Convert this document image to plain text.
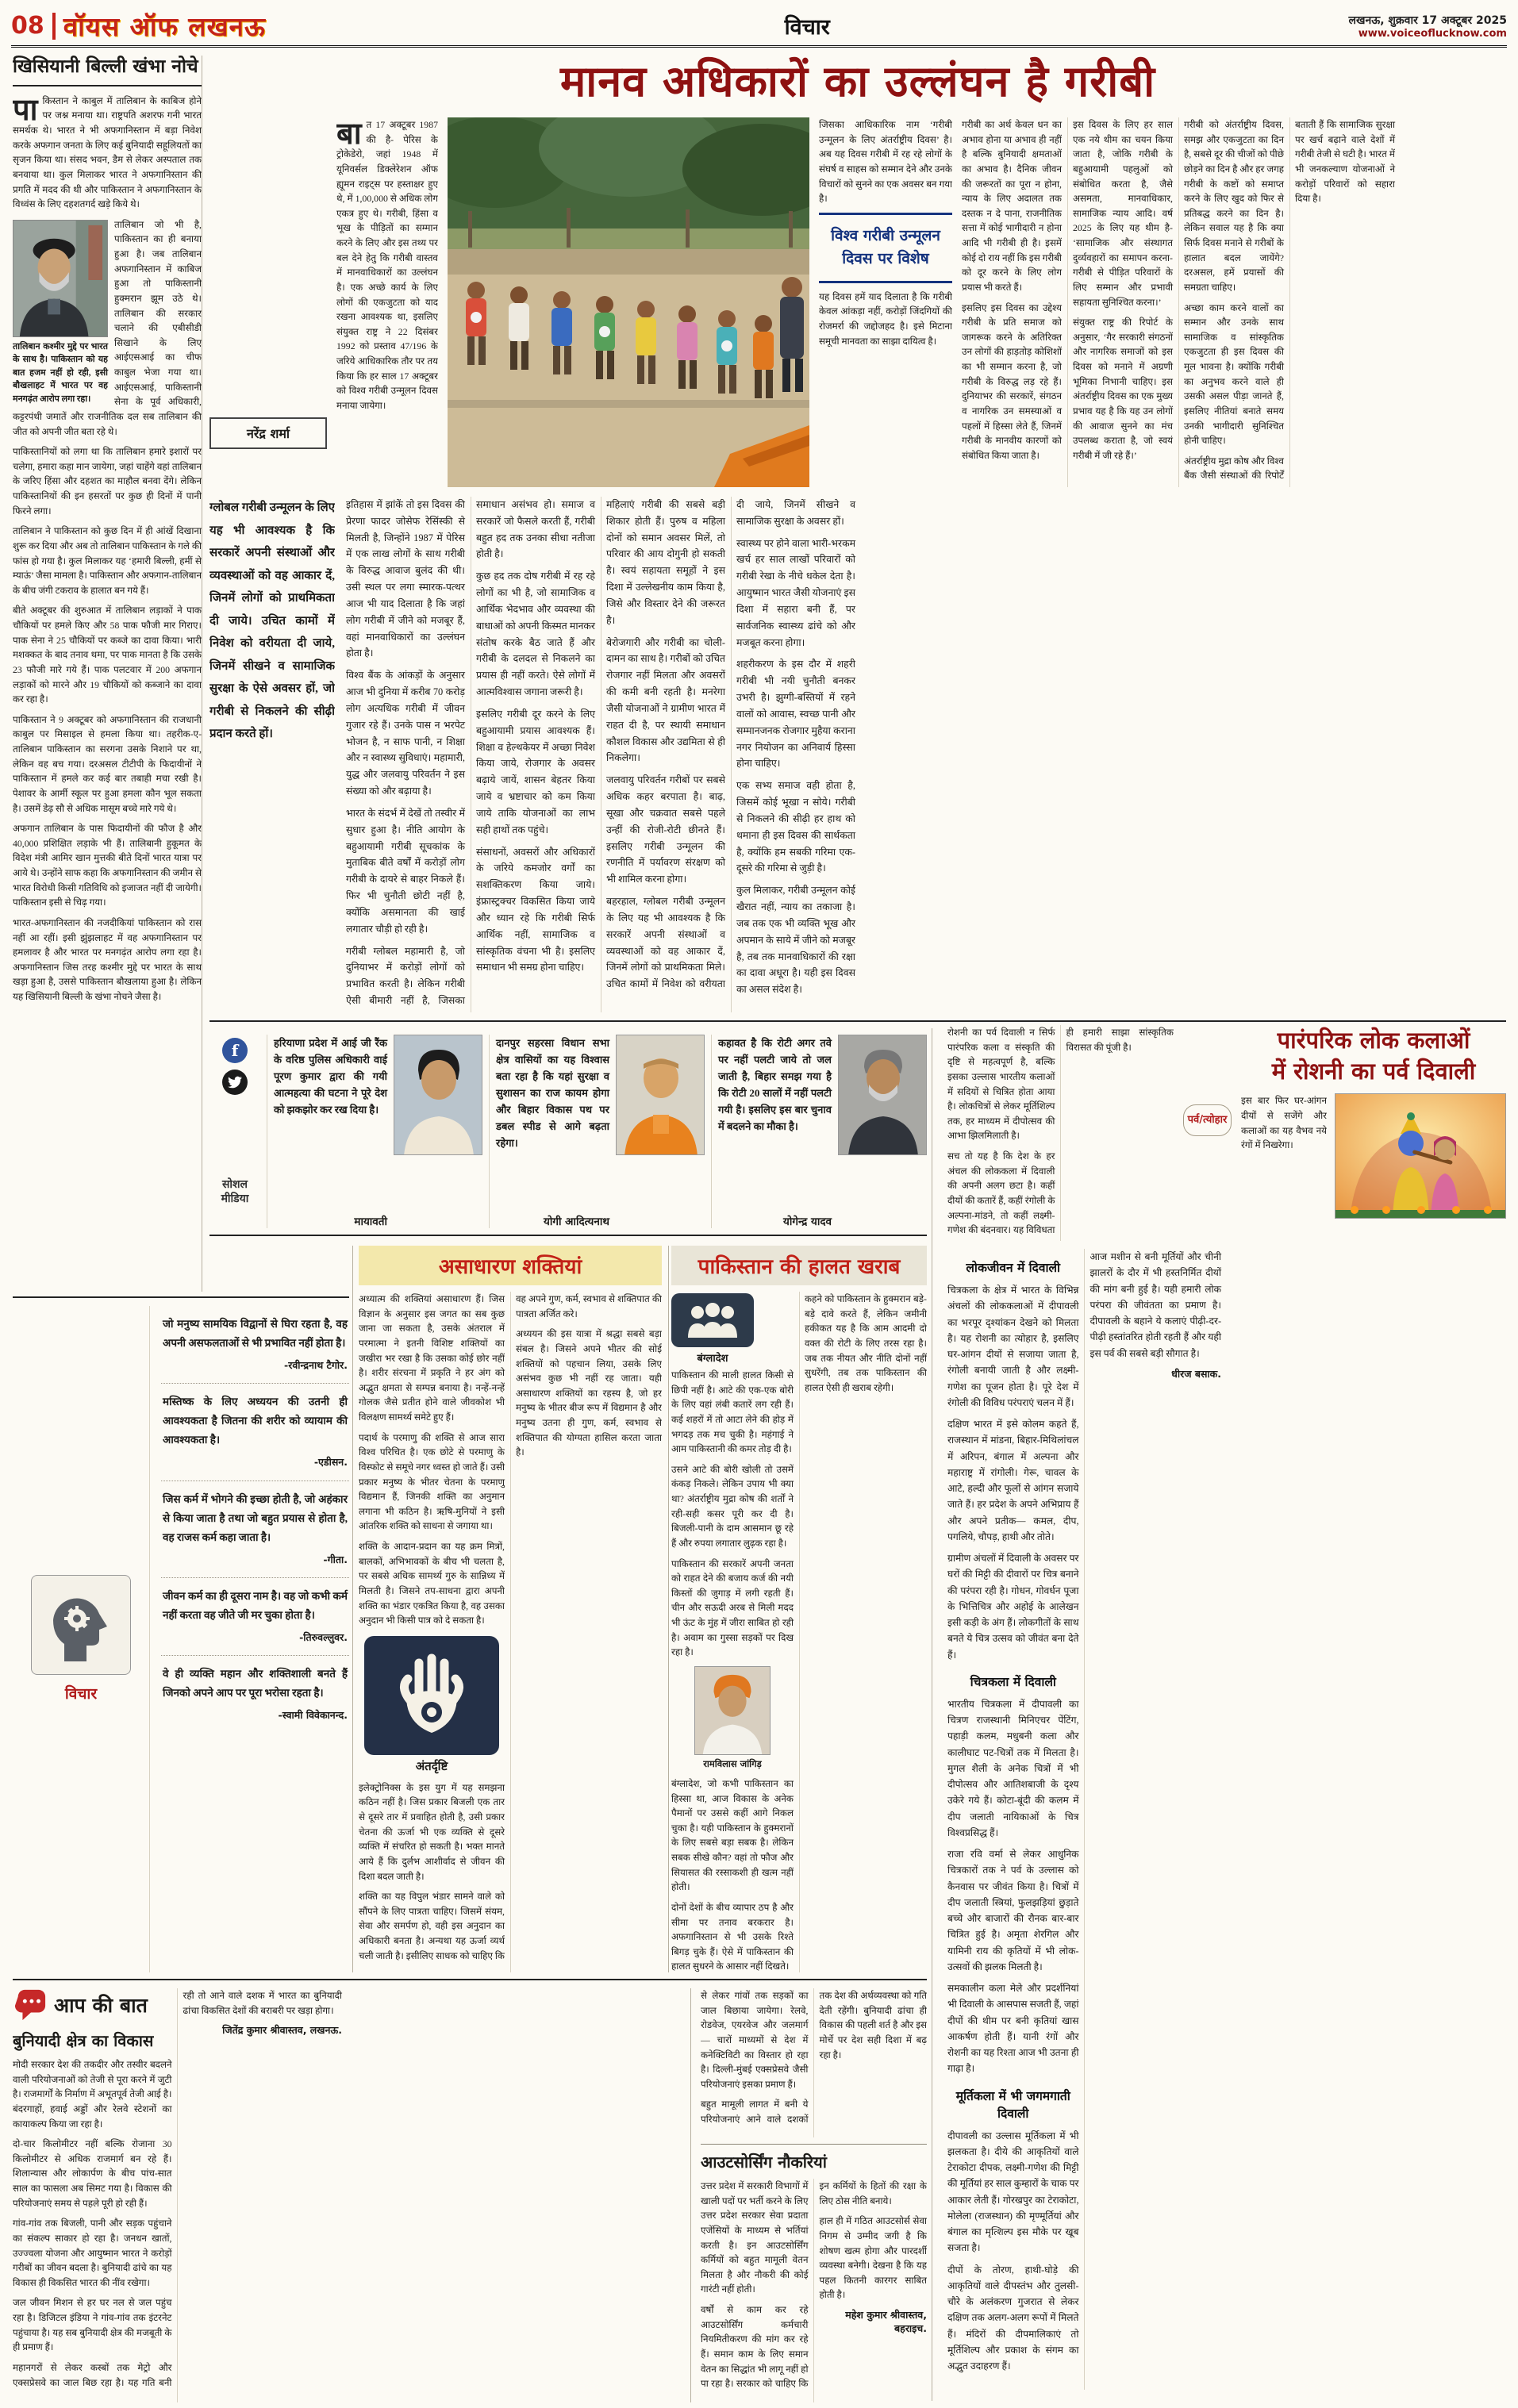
08 वॉयस ऑफ लखनऊ	विचार	लखनऊ, शुक्रवार 17 अक्टूबर 2025
www.voiceoflucknow.com
खिसियानी बिल्ली खंभा नोचे

पाकिस्तान ने काबुल में तालिबान के काबिज होने पर जश्न मनाया था। राष्ट्रपति अशरफ गनी भारत समर्थक थे। भारत ने भी अफगानिस्तान में बड़ा निवेश करके अफगान जनता के लिए कई बुनियादी सहूलियतों का सृजन किया था। संसद भवन, डैम से लेकर अस्पताल तक बनवाया था। कुल मिलाकर भारत ने अफगानिस्तान की प्रगति में मदद की थी और पाकिस्तान ने अफगानिस्तान के विध्वंस के लिए दहशतगर्द खड़े किये थे।

तालिबान कश्मीर मुद्दे पर भारत के साथ है। पाकिस्तान को यह बात हजम नहीं हो रही, इसी बौखलाहट में भारत पर वह मनगढ़ंत आरोप लगा रहा।

तालिबान जो भी है, पाकिस्तान का ही बनाया हुआ है। जब तालिबान अफगानिस्तान में काबिज हुआ तो पाकिस्तानी हुक्मरान झूम उठे थे। तालिबान की सरकार चलाने की एबीसीडी सिखाने के लिए आईएसआई का चीफ काबुल भेजा गया था। आईएसआई, पाकिस्तानी सेना के पूर्व अधिकारी, कट्टरपंथी जमातें और राजनीतिक दल सब तालिबान की जीत को अपनी जीत बता रहे थे।

पाकिस्तानियों को लगा था कि तालिबान हमारे इशारों पर चलेगा, हमारा कहा मान जायेगा, जहां चाहेंगे वहां तालिबान के जरिए हिंसा और दहशत का माहौल बनवा देंगे। लेकिन पाकिस्तानियों की इन हसरतों पर कुछ ही दिनों में पानी फिरने लगा।

तालिबान ने पाकिस्तान को कुछ दिन में ही आंखें दिखाना शुरू कर दिया और अब तो तालिबान पाकिस्तान के गले की फांस हो गया है। कुल मिलाकर यह ‘हमारी बिल्ली, हमीं से म्याऊं’ जैसा मामला है। पाकिस्तान और अफगान-तालिबान के बीच जंगी टकराव के हालात बन गये हैं।

बीते अक्टूबर की शुरुआत में तालिबान लड़ाकों ने पाक चौकियों पर हमले किए और 58 पाक फौजी मार गिराए। पाक सेना ने 25 चौकियों पर कब्जे का दावा किया। भारी मशक्कत के बाद तनाव थमा, पर पाक मानता है कि उसके 23 फौजी मारे गये हैं। पाक पलटवार में 200 अफगान लड़ाकों को मारने और 19 चौकियों को कब्जाने का दावा कर रहा है।

पाकिस्तान ने 9 अक्टूबर को अफगानिस्तान की राजधानी काबुल पर मिसाइल से हमला किया था। तहरीक-ए-तालिबान पाकिस्तान का सरगना उसके निशाने पर था, लेकिन वह बच गया। दरअसल टीटीपी के फिदायीनों ने पाकिस्तान में हमले कर कई बार तबाही मचा रखी है। पेशावर के आर्मी स्कूल पर हुआ हमला कौन भूल सकता है। उसमें डेढ़ सौ से अधिक मासूम बच्चे मारे गये थे।

अफगान तालिबान के पास फिदायीनों की फौज है और 40,000 प्रशिक्षित लड़ाके भी हैं। तालिबानी हुकूमत के विदेश मंत्री आमिर खान मुत्तकी बीते दिनों भारत यात्रा पर आये थे। उन्होंने साफ कहा कि अफगानिस्तान की जमीन से भारत विरोधी किसी गतिविधि को इजाजत नहीं दी जायेगी। पाकिस्तान इसी से चिढ़ गया।

भारत-अफगानिस्तान की नजदीकियां पाकिस्तान को रास नहीं आ रहीं। इसी झुंझलाहट में वह अफगानिस्तान पर हमलावर है और भारत पर मनगढ़ंत आरोप लगा रहा है। अफगानिस्तान जिस तरह कश्मीर मुद्दे पर भारत के साथ खड़ा हुआ है, उससे पाकिस्तान बौखलाया हुआ है। लेकिन यह खिसियानी बिल्ली के खंभा नोचने जैसा है।

मानव अधिकारों का उल्लंघन है गरीबी
नरेंद्र शर्मा

बात 17 अक्टूबर 1987 की है- पेरिस के ट्रोकेडेरो, जहां 1948 में यूनिवर्सल डिक्लेरेशन ऑफ ह्यूमन राइट्स पर हस्ताक्षर हुए थे, में 1,00,000 से अधिक लोग एकत्र हुए थे। गरीबी, हिंसा व भूख के पीड़ितों का सम्मान करने के लिए और इस तथ्य पर बल देने हेतु कि गरीबी वास्तव में मानवाधिकारों का उल्लंघन है। एक अच्छे कार्य के लिए लोगों की एकजुटता को याद रखना आवश्यक था, इसलिए संयुक्त राष्ट्र ने 22 दिसंबर 1992 को प्रस्ताव 47/196 के जरिये आधिकारिक तौर पर तय किया कि हर साल 17 अक्टूबर को विश्व गरीबी उन्मूलन दिवस मनाया जायेगा।

जिसका आधिकारिक नाम ‘गरीबी उन्मूलन के लिए अंतर्राष्ट्रीय दिवस’ है। अब यह दिवस गरीबी में रह रहे लोगों के संघर्ष व साहस को सम्मान देने और उनके विचारों को सुनने का एक अवसर बन गया है।

विश्व गरीबी उन्मूलन दिवस पर विशेष

यह दिवस हमें याद दिलाता है कि गरीबी केवल आंकड़ा नहीं, करोड़ों जिंदगियों की रोजमर्रा की जद्दोजहद है। इसे मिटाना समूची मानवता का साझा दायित्व है।

गरीबी का अर्थ केवल धन का अभाव होना या अभाव ही नहीं है बल्कि बुनियादी क्षमताओं का अभाव है। दैनिक जीवन की जरूरतों का पूरा न होना, न्याय के लिए अदालत तक दस्तक न दे पाना, राजनीतिक सत्ता में कोई भागीदारी न होना आदि भी गरीबी ही है। इसमें कोई दो राय नहीं कि इस गरीबी को दूर करने के लिए लोग प्रयास भी करते हैं।

इसलिए इस दिवस का उद्देश्य गरीबी के प्रति समाज को जागरूक करने के अतिरिक्त उन लोगों की हाड़तोड़ कोशिशों का भी सम्मान करना है, जो गरीबी के विरुद्ध लड़ रहे हैं। दुनियाभर की सरकारें, संगठन व नागरिक उन समस्याओं व पहलों में हिस्सा लेते हैं, जिनमें गरीबी के मानवीय कारणों को संबोधित किया जाता है।

इस दिवस के लिए हर साल एक नये थीम का चयन किया जाता है, जोकि गरीबी के बहुआयामी पहलुओं को संबोधित करता है, जैसे असमता, मानवाधिकार, सामाजिक न्याय आदि। वर्ष 2025 के लिए यह थीम है- ‘सामाजिक और संस्थागत दुर्व्यवहारों का समापन करना- गरीबी से पीड़ित परिवारों के लिए सम्मान और प्रभावी सहायता सुनिश्चित करना।’

संयुक्त राष्ट्र की रिपोर्ट के अनुसार, ‘गैर सरकारी संगठनों और नागरिक समाजों को इस दिवस को मनाने में अग्रणी भूमिका निभानी चाहिए। इस अंतर्राष्ट्रीय दिवस का एक मुख्य प्रभाव यह है कि यह उन लोगों की आवाज सुनने का मंच उपलब्ध कराता है, जो स्वयं गरीबी में जी रहे हैं।’

गरीबी को अंतर्राष्ट्रीय दिवस, समझ और एकजुटता का दिन है, सबसे दूर की चीजों को पीछे छोड़ने का दिन है और हर जगह गरीबी के कष्टों को समाप्त करने के लिए खुद को फिर से प्रतिबद्ध करने का दिन है। लेकिन सवाल यह है कि क्या सिर्फ दिवस मनाने से गरीबों के हालात बदल जायेंगे? दरअसल, हमें प्रयासों की समग्रता चाहिए।

अच्छा काम करने वालों का सम्मान और उनके साथ सामाजिक व सांस्कृतिक एकजुटता ही इस दिवस की मूल भावना है। क्योंकि गरीबी का अनुभव करने वाले ही उसकी असल पीड़ा जानते हैं, इसलिए नीतियां बनाते समय उनकी भागीदारी सुनिश्चित होनी चाहिए।

अंतर्राष्ट्रीय मुद्रा कोष और विश्व बैंक जैसी संस्थाओं की रिपोर्टें बताती हैं कि सामाजिक सुरक्षा पर खर्च बढ़ाने वाले देशों में गरीबी तेजी से घटी है। भारत में भी जनकल्याण योजनाओं ने करोड़ों परिवारों को सहारा दिया है।

ग्लोबल गरीबी उन्मूलन के लिए यह भी आवश्यक है कि सरकारें अपनी संस्थाओं और व्यवस्थाओं को वह आकार दें, जिनमें लोगों को प्राथमिकता दी जाये। उचित कामों में निवेश को वरीयता दी जाये, जिनमें सीखने व सामाजिक सुरक्षा के ऐसे अवसर हों, जो गरीबी से निकलने की सीढ़ी प्रदान करते हों।

इतिहास में झांकें तो इस दिवस की प्रेरणा फादर जोसेफ रेसिंस्की से मिलती है, जिन्होंने 1987 में पेरिस में एक लाख लोगों के साथ गरीबी के विरुद्ध आवाज बुलंद की थी। उसी स्थल पर लगा स्मारक-पत्थर आज भी याद दिलाता है कि जहां लोग गरीबी में जीने को मजबूर हैं, वहां मानवाधिकारों का उल्लंघन होता है।

विश्व बैंक के आंकड़ों के अनुसार आज भी दुनिया में करीब 70 करोड़ लोग अत्यधिक गरीबी में जीवन गुजार रहे हैं। उनके पास न भरपेट भोजन है, न साफ पानी, न शिक्षा और न स्वास्थ्य सुविधाएं। महामारी, युद्ध और जलवायु परिवर्तन ने इस संख्या को और बढ़ाया है।

भारत के संदर्भ में देखें तो तस्वीर में सुधार हुआ है। नीति आयोग के बहुआयामी गरीबी सूचकांक के मुताबिक बीते वर्षों में करोड़ों लोग गरीबी के दायरे से बाहर निकले हैं। फिर भी चुनौती छोटी नहीं है, क्योंकि असमानता की खाई लगातार चौड़ी हो रही है।

गरीबी ग्लोबल महामारी है, जो दुनियाभर में करोड़ों लोगों को प्रभावित करती है। लेकिन गरीबी ऐसी बीमारी नहीं है, जिसका समाधान असंभव हो। समाज व सरकारें जो फैसले करती हैं, गरीबी बहुत हद तक उनका सीधा नतीजा होती है।

कुछ हद तक दोष गरीबी में रह रहे लोगों का भी है, जो सामाजिक व आर्थिक भेदभाव और व्यवस्था की बाधाओं को अपनी किस्मत मानकर संतोष करके बैठ जाते हैं और गरीबी के दलदल से निकलने का प्रयास ही नहीं करते। ऐसे लोगों में आत्मविश्वास जगाना जरूरी है।

इसलिए गरीबी दूर करने के लिए बहुआयामी प्रयास आवश्यक हैं। शिक्षा व हेल्थकेयर में अच्छा निवेश किया जाये, रोजगार के अवसर बढ़ाये जायें, शासन बेहतर किया जाये व भ्रष्टाचार को कम किया जाये ताकि योजनाओं का लाभ सही हाथों तक पहुंचे।

संसाधनों, अवसरों और अधिकारों के जरिये कमजोर वर्गों का सशक्तिकरण किया जाये। इंफ्रास्ट्रक्चर विकसित किया जाये और ध्यान रहे कि गरीबी सिर्फ आर्थिक नहीं, सामाजिक व सांस्कृतिक वंचना भी है। इसलिए समाधान भी समग्र होना चाहिए।

महिलाएं गरीबी की सबसे बड़ी शिकार होती हैं। पुरुष व महिला दोनों को समान अवसर मिलें, तो परिवार की आय दोगुनी हो सकती है। स्वयं सहायता समूहों ने इस दिशा में उल्लेखनीय काम किया है, जिसे और विस्तार देने की जरूरत है।

बेरोजगारी और गरीबी का चोली-दामन का साथ है। गरीबों को उचित रोजगार नहीं मिलता और अवसरों की कमी बनी रहती है। मनरेगा जैसी योजनाओं ने ग्रामीण भारत में राहत दी है, पर स्थायी समाधान कौशल विकास और उद्यमिता से ही निकलेगा।

जलवायु परिवर्तन गरीबों पर सबसे अधिक कहर बरपाता है। बाढ़, सूखा और चक्रवात सबसे पहले उन्हीं की रोजी-रोटी छीनते हैं। इसलिए गरीबी उन्मूलन की रणनीति में पर्यावरण संरक्षण को भी शामिल करना होगा।

बहरहाल, ग्लोबल गरीबी उन्मूलन के लिए यह भी आवश्यक है कि सरकारें अपनी संस्थाओं व व्यवस्थाओं को वह आकार दें, जिनमें लोगों को प्राथमिकता मिले। उचित कामों में निवेश को वरीयता दी जाये, जिनमें सीखने व सामाजिक सुरक्षा के अवसर हों।

स्वास्थ्य पर होने वाला भारी-भरकम खर्च हर साल लाखों परिवारों को गरीबी रेखा के नीचे धकेल देता है। आयुष्मान भारत जैसी योजनाएं इस दिशा में सहारा बनी हैं, पर सार्वजनिक स्वास्थ्य ढांचे को और मजबूत करना होगा।

शहरीकरण के इस दौर में शहरी गरीबी भी नयी चुनौती बनकर उभरी है। झुग्गी-बस्तियों में रहने वालों को आवास, स्वच्छ पानी और सम्मानजनक रोजगार मुहैया कराना नगर नियोजन का अनिवार्य हिस्सा होना चाहिए।

एक सभ्य समाज वही होता है, जिसमें कोई भूखा न सोये। गरीबी से निकलने की सीढ़ी हर हाथ को थमाना ही इस दिवस की सार्थकता है, क्योंकि हम सबकी गरिमा एक-दूसरे की गरिमा से जुड़ी है।

कुल मिलाकर, गरीबी उन्मूलन कोई खैरात नहीं, न्याय का तकाजा है। जब तक एक भी व्यक्ति भूख और अपमान के साये में जीने को मजबूर है, तब तक मानवाधिकारों की रक्षा का दावा अधूरा है। यही इस दिवस का असल संदेश है।

f
सोशल मीडिया

हरियाणा प्रदेश में आई जी रैंक के वरिष्ठ पुलिस अधिकारी वाई पूरण कुमार द्वारा की गयी आत्महत्या की घटना ने पूरे देश को झकझोर कर रख दिया है।

मायावती

दानपुर सहरसा विधान सभा क्षेत्र वासियों का यह विश्वास बता रहा है कि यहां सुरक्षा व सुशासन का राज कायम होगा और बिहार विकास पथ पर डबल स्पीड से आगे बढ़ता रहेगा।

योगी आदित्यनाथ

कहावत है कि रोटी अगर तवे पर नहीं पलटी जाये तो जल जाती है, बिहार समझ गया है कि रोटी 20 सालों में नहीं पलटी गयी है। इसलिए इस बार चुनाव में बदलने का मौका है।

योगेन्द्र यादव
असाधारण शक्तियां

अध्यात्म की शक्तियां असाधारण हैं। जिस विज्ञान के अनुसार इस जगत का सब कुछ जाना जा सकता है, उसके अंतराल में परमात्मा ने इतनी विशिष्ट शक्तियों का जखीरा भर रखा है कि उसका कोई छोर नहीं है। शरीर संरचना में प्रकृति ने हर अंग को अद्भुत क्षमता से सम्पन्न बनाया है। नन्हें-नन्हें गोलक जैसे प्रतीत होने वाले जीवकोश भी विलक्षण सामर्थ्य समेटे हुए हैं।

पदार्थ के परमाणु की शक्ति से आज सारा विश्व परिचित है। एक छोटे से परमाणु के विस्फोट से समूचे नगर ध्वस्त हो जाते हैं। उसी प्रकार मनुष्य के भीतर चेतना के परमाणु विद्यमान हैं, जिनकी शक्ति का अनुमान लगाना भी कठिन है। ऋषि-मुनियों ने इसी आंतरिक शक्ति को साधना से जगाया था।

शक्ति के आदान-प्रदान का यह क्रम मित्रों, बालकों, अभिभावकों के बीच भी चलता है, पर सबसे अधिक सामर्थ्य गुरु के सान्निध्य में मिलती है। जिसने तप-साधना द्वारा अपनी शक्ति का भंडार एकत्रित किया है, वह उसका अनुदान भी किसी पात्र को दे सकता है।

अंतर्दृष्टि

इलेक्ट्रोनिक्स के इस युग में यह समझना कठिन नहीं है। जिस प्रकार बिजली एक तार से दूसरे तार में प्रवाहित होती है, उसी प्रकार चेतना की ऊर्जा भी एक व्यक्ति से दूसरे व्यक्ति में संचरित हो सकती है। भक्त मानते आये हैं कि दुर्लभ आशीर्वाद से जीवन की दिशा बदल जाती है।

शक्ति का यह विपुल भंडार सामने वाले को सौंपने के लिए पात्रता चाहिए। जिसमें संयम, सेवा और समर्पण हो, वही इस अनुदान का अधिकारी बनता है। अन्यथा यह ऊर्जा व्यर्थ चली जाती है। इसीलिए साधक को चाहिए कि वह अपने गुण, कर्म, स्वभाव से शक्तिपात की पात्रता अर्जित करे।

अध्ययन की इस यात्रा में श्रद्धा सबसे बड़ा संबल है। जिसने अपने भीतर की सोई शक्तियों को पहचान लिया, उसके लिए असंभव कुछ भी नहीं रह जाता। यही असाधारण शक्तियों का रहस्य है, जो हर मनुष्य के भीतर बीज रूप में विद्यमान है और मनुष्य उतना ही गुण, कर्म, स्वभाव से शक्तिपात की योग्यता हासिल करता जाता है।

पाकिस्तान की हालत खराब
बंग्लादेश

पाकिस्तान की माली हालत किसी से छिपी नहीं है। आटे की एक-एक बोरी के लिए वहां लंबी कतारें लग रही हैं। कई शहरों में तो आटा लेने की होड़ में भगदड़ तक मच चुकी है। महंगाई ने आम पाकिस्तानी की कमर तोड़ दी है।

उसने आटे की बोरी खोली तो उसमें कंकड़ निकले। लेकिन उपाय भी क्या था? अंतर्राष्ट्रीय मुद्रा कोष की शर्तों ने रही-सही कसर पूरी कर दी है। बिजली-पानी के दाम आसमान छू रहे हैं और रुपया लगातार लुढ़क रहा है।

पाकिस्तान की सरकारें अपनी जनता को राहत देने की बजाय कर्ज की नयी किस्तों की जुगाड़ में लगी रहती हैं। चीन और सऊदी अरब से मिली मदद भी ऊंट के मुंह में जीरा साबित हो रही है। अवाम का गुस्सा सड़कों पर दिख रहा है।

रामविलास जांगिड़

बंग्लादेश, जो कभी पाकिस्तान का हिस्सा था, आज विकास के अनेक पैमानों पर उससे कहीं आगे निकल चुका है। यही पाकिस्तान के हुक्मरानों के लिए सबसे बड़ा सबक है। लेकिन सबक सीखे कौन? वहां तो फौज और सियासत की रस्साकशी ही खत्म नहीं होती।

दोनों देशों के बीच व्यापार ठप है और सीमा पर तनाव बरकरार है। अफगानिस्तान से भी उसके रिश्ते बिगड़ चुके हैं। ऐसे में पाकिस्तान की हालत सुधरने के आसार नहीं दिखते।

कहने को पाकिस्तान के हुक्मरान बड़े-बड़े दावे करते हैं, लेकिन जमीनी हकीकत यह है कि आम आदमी दो वक्त की रोटी के लिए तरस रहा है। जब तक नीयत और नीति दोनों नहीं सुधरेंगी, तब तक पाकिस्तान की हालत ऐसी ही खराब रहेगी।

विचार
जो मनुष्य सामयिक विद्वानों से घिरा रहता है, वह अपनी असफलताओं से भी प्रभावित नहीं होता है।
-रवीन्द्रनाथ टैगोर.
मस्तिष्क के लिए अध्ययन की उतनी ही आवश्यकता है जितना की शरीर को व्यायाम की आवश्यकता है।
-एडीसन.
जिस कर्म में भोगने की इच्छा होती है, जो अहंकार से किया जाता है तथा जो बहुत प्रयास से होता है, वह राजस कर्म कहा जाता है।
-गीता.
जीवन कर्म का ही दूसरा नाम है। वह जो कभी कर्म नहीं करता वह जीते जी मर चुका होता है।
-तिरुवल्लुवर.
वे ही व्यक्ति महान और शक्तिशाली बनते हैं जिनको अपने आप पर पूरा भरोसा रहता है।
-स्वामी विवेकानन्द.
आप की बात
बुनियादी क्षेत्र का विकास

मोदी सरकार देश की तकदीर और तस्वीर बदलने वाली परियोजनाओं को तेजी से पूरा करने में जुटी है। राजमार्गों के निर्माण में अभूतपूर्व तेजी आई है। बंदरगाहों, हवाई अड्डों और रेलवे स्टेशनों का कायाकल्प किया जा रहा है।

दो-चार किलोमीटर नहीं बल्कि रोजाना 30 किलोमीटर से अधिक राजमार्ग बन रहे हैं। शिलान्यास और लोकार्पण के बीच पांच-सात साल का फासला अब सिमट गया है। विकास की परियोजनाएं समय से पहले पूरी हो रही हैं।

गांव-गांव तक बिजली, पानी और सड़क पहुंचाने का संकल्प साकार हो रहा है। जनधन खातों, उज्ज्वला योजना और आयुष्मान भारत ने करोड़ों गरीबों का जीवन बदला है। बुनियादी ढांचे का यह विकास ही विकसित भारत की नींव रखेगा।

जल जीवन मिशन से हर घर नल से जल पहुंच रहा है। डिजिटल इंडिया ने गांव-गांव तक इंटरनेट पहुंचाया है। यह सब बुनियादी क्षेत्र की मजबूती के ही प्रमाण हैं।

महानगरों से लेकर कस्बों तक मेट्रो और एक्सप्रेसवे का जाल बिछ रहा है। यह गति बनी रही तो आने वाले दशक में भारत का बुनियादी ढांचा विकसित देशों की बराबरी पर खड़ा होगा।

जितेंद्र कुमार श्रीवास्तव, लखनऊ.

से लेकर गांवों तक सड़कों का जाल बिछाया जायेगा। रेलवे, रोडवेज, एयरवेज और जलमार्ग— चारों माध्यमों से देश में कनेक्टिविटी का विस्तार हो रहा है। दिल्ली-मुंबई एक्सप्रेसवे जैसी परियोजनाएं इसका प्रमाण हैं।

बहुत मामूली लागत में बनी ये परियोजनाएं आने वाले दशकों तक देश की अर्थव्यवस्था को गति देती रहेंगी। बुनियादी ढांचा ही विकास की पहली शर्त है और इस मोर्चे पर देश सही दिशा में बढ़ रहा है।

आउटसोर्सिंग नौकरियां

उत्तर प्रदेश में सरकारी विभागों में खाली पदों पर भर्ती करने के लिए उत्तर प्रदेश सरकार सेवा प्रदाता एजेंसियों के माध्यम से भर्तियां करती है। इन आउटसोर्सिंग कर्मियों को बहुत मामूली वेतन मिलता है और नौकरी की कोई गारंटी नहीं होती।

वर्षों से काम कर रहे आउटसोर्सिंग कर्मचारी नियमितीकरण की मांग कर रहे हैं। समान काम के लिए समान वेतन का सिद्धांत भी लागू नहीं हो पा रहा है। सरकार को चाहिए कि इन कर्मियों के हितों की रक्षा के लिए ठोस नीति बनाये।

हाल ही में गठित आउटसोर्स सेवा निगम से उम्मीद जगी है कि शोषण खत्म होगा और पारदर्शी व्यवस्था बनेगी। देखना है कि यह पहल कितनी कारगर साबित होती है।

महेश कुमार श्रीवास्तव, बहराइच.

रोशनी का पर्व दिवाली न सिर्फ पारंपरिक कला व संस्कृति की दृष्टि से महत्वपूर्ण है, बल्कि इसका उल्लास भारतीय कलाओं में सदियों से चित्रित होता आया है। लोकचित्रों से लेकर मूर्तिशिल्प तक, हर माध्यम में दीपोत्सव की आभा झिलमिलाती है।

सच तो यह है कि देश के हर अंचल की लोककला में दिवाली की अपनी अलग छटा है। कहीं दीयों की कतारें हैं, कहीं रंगोली के अल्पना-मांडने, तो कहीं लक्ष्मी-गणेश की बंदनवार। यह विविधता ही हमारी साझा सांस्कृतिक विरासत की पूंजी है।

पर्व/त्योहार
पारंपरिक लोक कलाओं
में रोशनी का पर्व दिवाली

इस बार फिर घर-आंगन दीयों से सजेंगे और कलाओं का यह वैभव नये रंगों में निखरेगा।

लोकजीवन में दिवाली

चित्रकला के क्षेत्र में भारत के विभिन्न अंचलों की लोककलाओं में दीपावली का भरपूर दृश्यांकन देखने को मिलता है। यह रोशनी का त्योहार है, इसलिए घर-आंगन दीयों से सजाया जाता है, रंगोली बनायी जाती है और लक्ष्मी-गणेश का पूजन होता है। पूरे देश में रंगोली की विविध परंपराएं चलन में हैं।

दक्षिण भारत में इसे कोलम कहते हैं, राजस्थान में मांडना, बिहार-मिथिलांचल में अरिपन, बंगाल में अल्पना और महाराष्ट्र में रांगोली। गेरू, चावल के आटे, हल्दी और फूलों से आंगन सजाये जाते हैं। हर प्रदेश के अपने अभिप्राय हैं और अपने प्रतीक— कमल, दीप, पगलिये, चौपड़, हाथी और तोते।

ग्रामीण अंचलों में दिवाली के अवसर पर घरों की मिट्टी की दीवारों पर चित्र बनाने की परंपरा रही है। गोधन, गोवर्धन पूजा के भित्तिचित्र और अहोई के आलेखन इसी कड़ी के अंग हैं। लोकगीतों के साथ बनते ये चित्र उत्सव को जीवंत बना देते हैं।

चित्रकला में दिवाली

भारतीय चित्रकला में दीपावली का चित्रण राजस्थानी मिनिएचर पेंटिंग, पहाड़ी कलम, मधुबनी कला और कालीघाट पट-चित्रों तक में मिलता है। मुगल शैली के अनेक चित्रों में भी दीपोत्सव और आतिशबाजी के दृश्य उकेरे गये हैं। कोटा-बूंदी की कलम में दीप जलाती नायिकाओं के चित्र विश्वप्रसिद्ध हैं।

राजा रवि वर्मा से लेकर आधुनिक चित्रकारों तक ने पर्व के उल्लास को कैनवास पर जीवंत किया है। चित्रों में दीप जलाती स्त्रियां, फुलझड़ियां छुड़ाते बच्चे और बाजारों की रौनक बार-बार चित्रित हुई है। अमृता शेरगिल और यामिनी राय की कृतियों में भी लोक-उत्सवों की झलक मिलती है।

समकालीन कला मेले और प्रदर्शनियां भी दिवाली के आसपास सजती हैं, जहां दीपों की थीम पर बनी कृतियां खास आकर्षण होती हैं। यानी रंगों और रोशनी का यह रिश्ता आज भी उतना ही गाढ़ा है।

मूर्तिकला में भी जगमगाती दिवाली

दीपावली का उल्लास मूर्तिकला में भी झलकता है। दीये की आकृतियों वाले टेराकोटा दीपक, लक्ष्मी-गणेश की मिट्टी की मूर्तियां हर साल कुम्हारों के चाक पर आकार लेती हैं। गोरखपुर का टेराकोटा, मोलेला (राजस्थान) की मृण्मूर्तियां और बंगाल का मृत्शिल्प इस मौके पर खूब सजता है।

दीपों के तोरण, हाथी-घोड़े की आकृतियों वाले दीपस्तंभ और तुलसी-चौरे के अलंकरण गुजरात से लेकर दक्षिण तक अलग-अलग रूपों में मिलते हैं। मंदिरों की दीपमालिकाएं तो मूर्तिशिल्प और प्रकाश के संगम का अद्भुत उदाहरण हैं।

आज मशीन से बनी मूर्तियों और चीनी झालरों के दौर में भी हस्तनिर्मित दीयों की मांग बनी हुई है। यही हमारी लोक परंपरा की जीवंतता का प्रमाण है। दीपावली के बहाने ये कलाएं पीढ़ी-दर-पीढ़ी हस्तांतरित होती रहती हैं और यही इस पर्व की सबसे बड़ी सौगात है।

धीरज बसाक.
